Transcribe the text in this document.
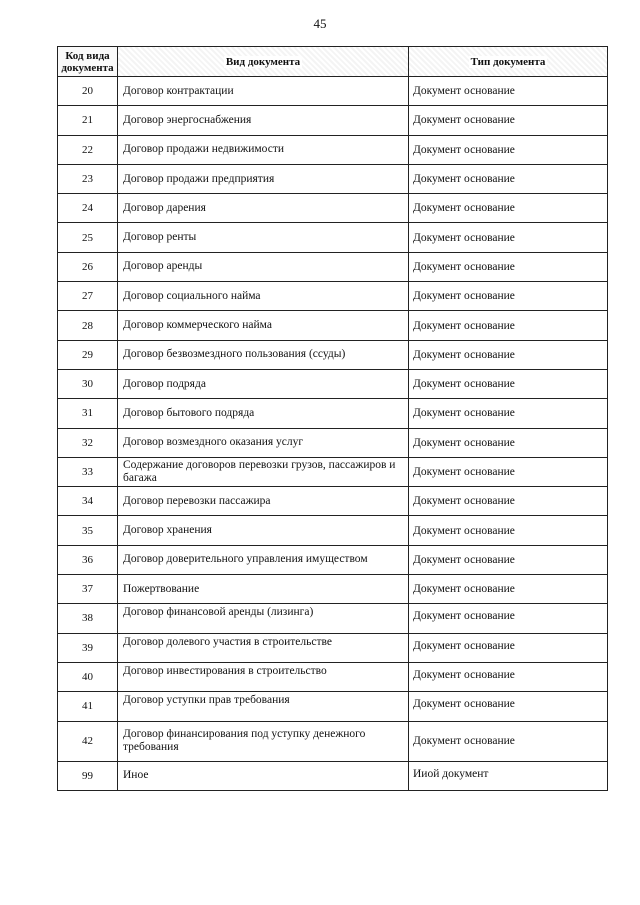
45
Код вида документа	Вид документа	Тип документа
20	Договор контрактации	Документ основание
21	Договор энергоснабжения	Документ основание
22	Договор продажи недвижимости	Документ основание
23	Договор продажи предприятия	Документ основание
24	Договор дарения	Документ основание
25	Договор ренты	Документ основание
26	Договор аренды	Документ основание
27	Договор социального найма	Документ основание
28	Договор коммерческого найма	Документ основание
29	Договор безвозмездного пользования (ссуды)	Документ основание
30	Договор подряда	Документ основание
31	Договор бытового подряда	Документ основание
32	Договор возмездного оказания услуг	Документ основание
33	Содержание договоров перевозки грузов, пассажиров и багажа	Документ основание
34	Договор перевозки пассажира	Документ основание
35	Договор хранения	Документ основание
36	Договор доверительного управления имуществом	Документ основание
37	Пожертвование	Документ основание
38	Договор финансовой аренды (лизинга)	Документ основание
39	Договор долевого участия в строительстве	Документ основание
40	Договор инвестирования в строительство	Документ основание
41	Договор уступки прав требования	Документ основание
42	Договор финансирования под уступку денежного требования	Документ основание
99	Иное	Ииой документ
